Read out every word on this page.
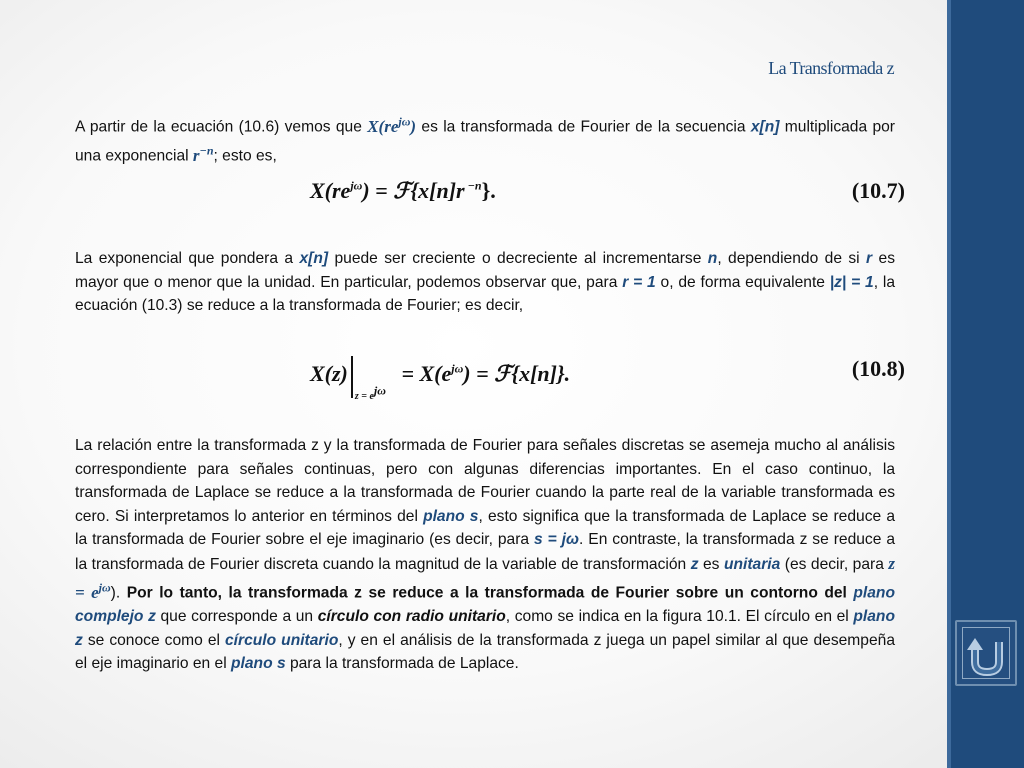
La Transformada z

A partir de la ecuación (10.6) vemos que $X(re^{j\omega})$ es la transformada de Fourier de la secuencia x[n] multiplicada por una exponencial $r^{-n}$; esto es,

$X(re^{j\omega})$ = ℱ{x[n]r $^{-n}$}.	(10.7)

La exponencial que pondera a x[n] puede ser creciente o decreciente al incrementarse n, dependiendo de si r es mayor que o menor que la unidad. En particular, podemos observar que, para r = 1 o, de forma equivalente |z| = 1, la ecuación (10.3) se reduce a la transformada de Fourier; es decir,

$X(z)_{z = e^{j\omega}} = X(e^{j\omega})$ = ℱ{x[n]}.	(10.8)

La relación entre la transformada z y la transformada de Fourier para señales discretas se asemeja mucho al análisis correspondiente para señales continuas, pero con algunas diferencias importantes. En el caso continuo, la transformada de Laplace se reduce a la transformada de Fourier cuando la parte real de la variable transformada es cero. Si interpretamos lo anterior en términos del plano s, esto significa que la transformada de Laplace se reduce a la transformada de Fourier sobre el eje imaginario (es decir, para s = jω. En contraste, la transformada z se reduce a la transformada de Fourier discreta cuando la magnitud de la variable de transformación z es unitaria (es decir, para $z = e^{j\omega}$). Por lo tanto, la transformada z se reduce a la transformada de Fourier sobre un contorno del plano complejo z que corresponde a un círculo con radio unitario, como se indica en la figura 10.1. El círculo en el plano z se conoce como el círculo unitario, y en el análisis de la transformada z juega un papel similar al que desempeña el eje imaginario en el plano s para la transformada de Laplace.
